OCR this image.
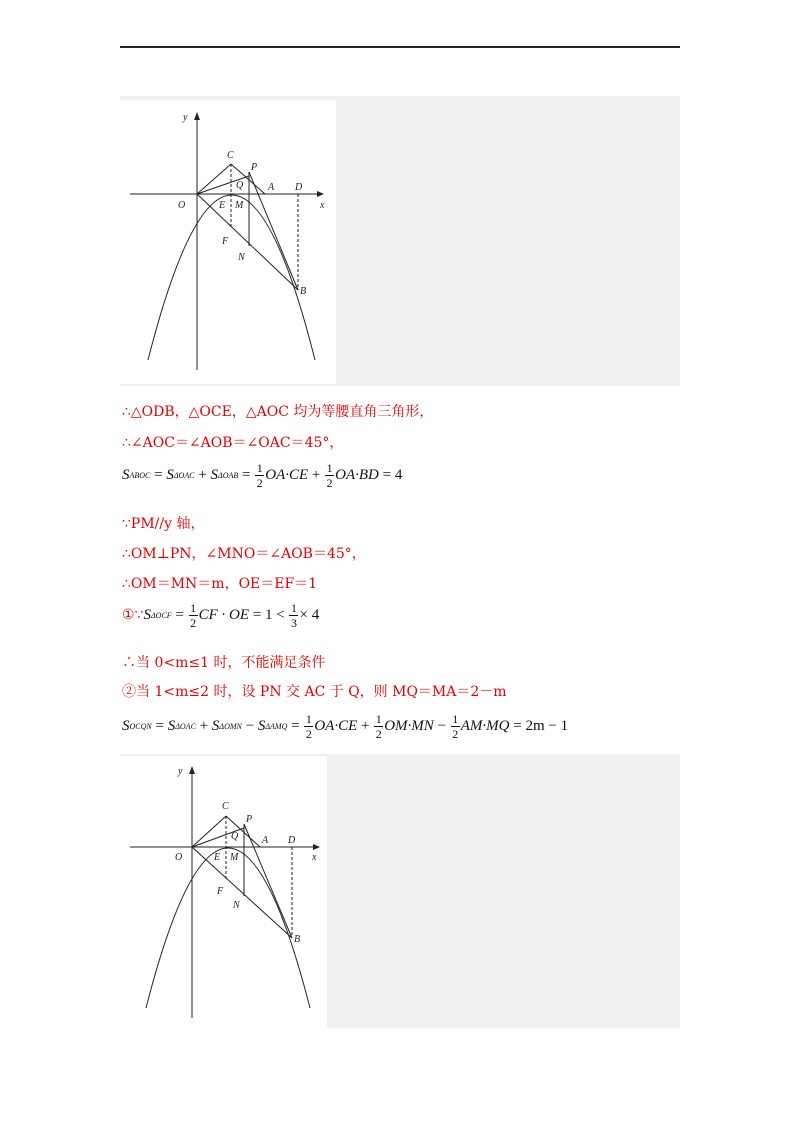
y
x
O
C
P
Q A D
E M
F
N
B
∴△ODB，△OCE，△AOC 均为等腰直角三角形，
∴∠AOC＝∠AOB＝∠OAC＝45°，
S ABOC
=
S ΔOAC
+
S ΔOAB
=
$\frac{1}{2} OA\cdot CE$
+
$\frac{1}{2} OA\cdot BD$
= 4
∵PM//y 轴，
∴OM⊥PN，∠MNO＝∠AOB＝45°，
∴OM＝MN＝m，OE＝EF＝1
①∵ S ΔOCF
=
$\frac{1}{2}$ CF · OE
= 1 <
$\frac{1}{3} \times 4$
∴当 0<m≤1 时，不能满足条件
②当 1<m≤2 时，设 PN 交 AC 于 Q，则 MQ＝MA＝2－m
S OCQN
=
S ΔOAC
+
S ΔOMN
−
S ΔAMQ
=
$\frac{1}{2} OA\cdot CE$
+
$\frac{1}{2} OM\cdot MN$
−
$\frac{1}{2} AM\cdot MQ$
= 2m − 1
y
x
O
C
P
Q A D
E M
F
N
B
